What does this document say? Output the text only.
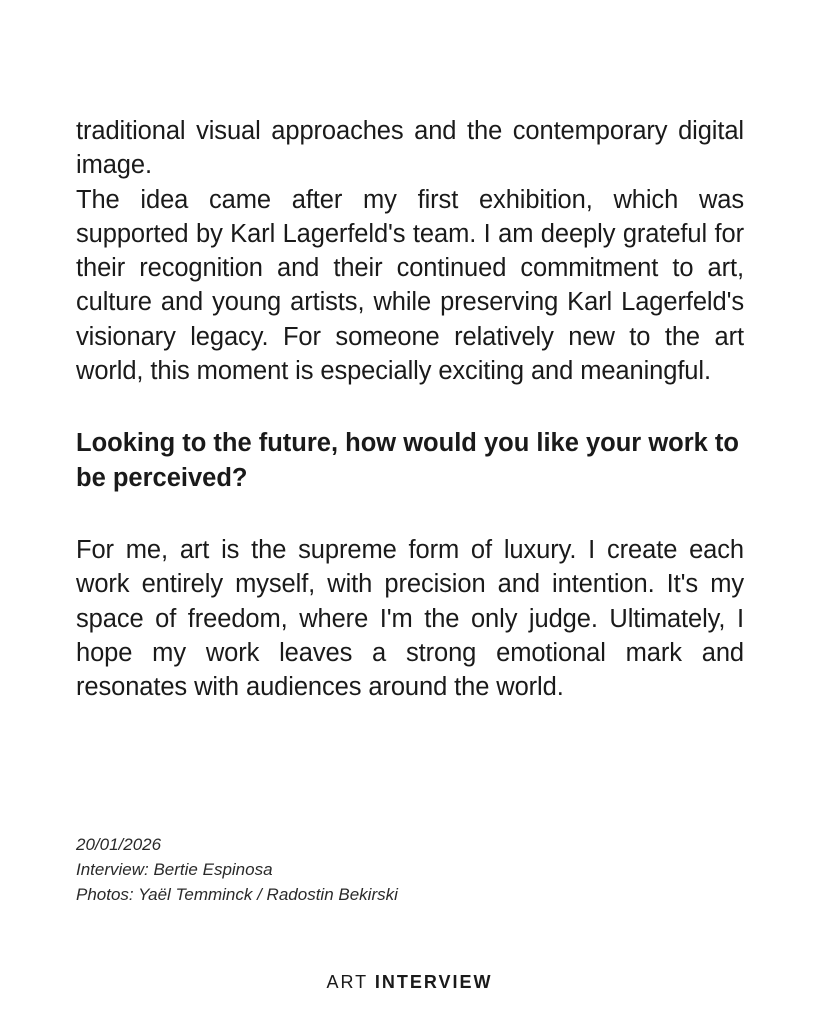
traditional visual approaches and the contemporary digital image.

The idea came after my first exhibition, which was supported by Karl Lagerfeld's team. I am deeply grateful for their recognition and their continued commitment to art, culture and young artists, while preserving Karl Lagerfeld's visionary legacy. For someone relatively new to the art world, this moment is especially exciting and meaningful.

Looking to the future, how would you like your work to be perceived?

For me, art is the supreme form of luxury. I create each work entirely myself, with precision and intention. It's my space of freedom, where I'm the only judge. Ultimately, I hope my work leaves a strong emotional mark and resonates with audiences around the world.

20/01/2026
Interview: Bertie Espinosa
Photos: Yaël Temminck / Radostin Bekirski
ART INTERVIEW
